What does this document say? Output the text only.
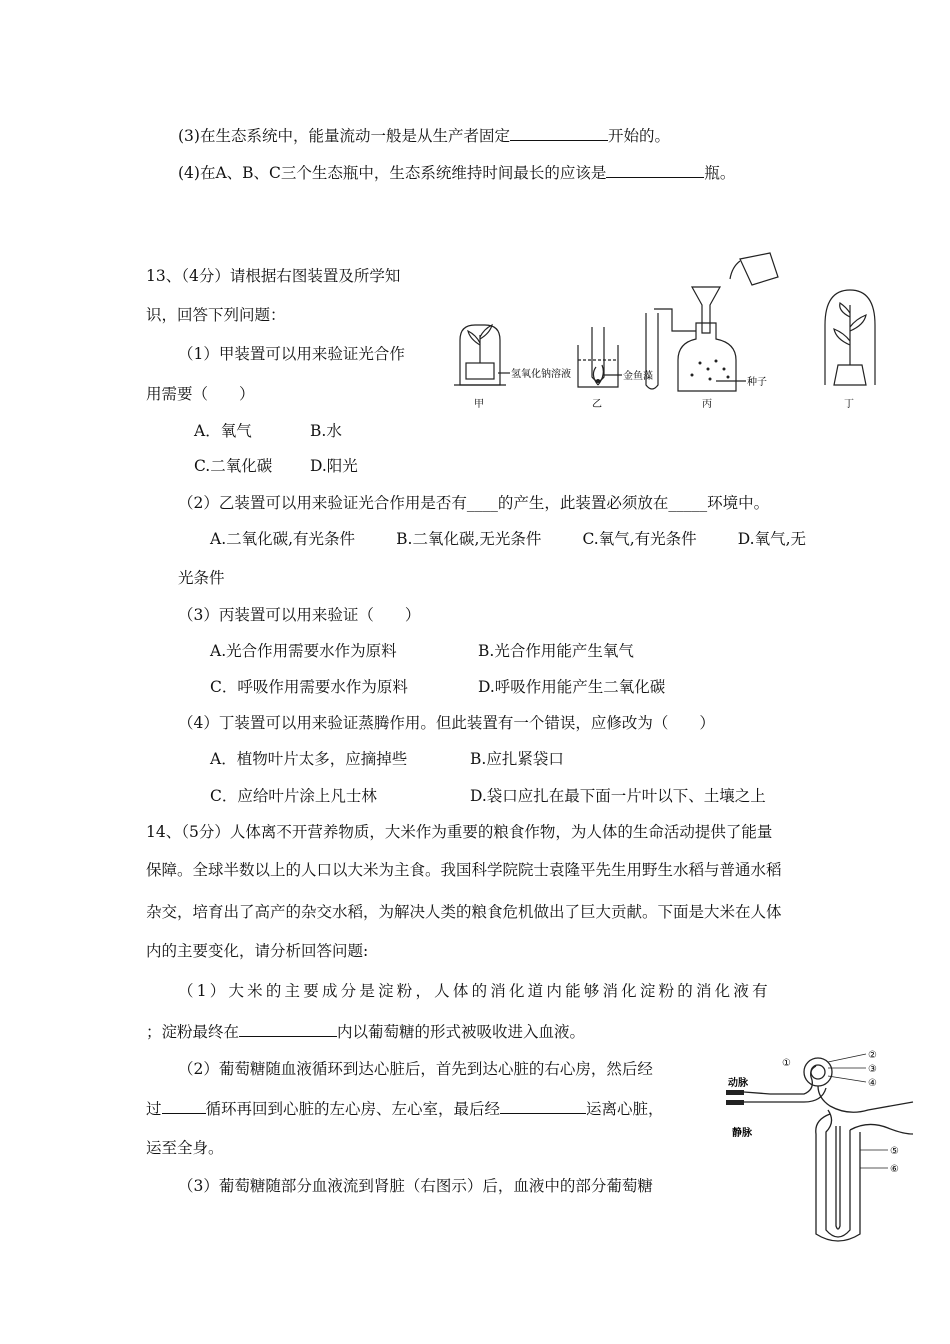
(3)在生态系统中，能量流动一般是从生产者固定	开始的。
(4)在A、B、C三个生态瓶中，生态系统维持时间最长的应该是	瓶。
13、（4分）请根据右图装置及所学知
识，回答下列问题：
（1）甲装置可以用来验证光合作
用需要（　　）
A．氧气	B.水
C.二氧化碳 D.阳光
（2）乙装置可以用来验证光合作用是否有____的产生，此装置必须放在_____环境中。
A.二氧化碳,有光条件	B.二氧化碳,无光条件	C.氧气,有光条件	D.氧气,无
光条件
（3）丙装置可以用来验证（　　）
A.光合作用需要水作为原料	B.光合作用能产生氧气
C．呼吸作用需要水作为原料	D.呼吸作用能产生二氧化碳
（4）丁装置可以用来验证蒸腾作用。但此装置有一个错误，应修改为（　　）
A．植物叶片太多，应摘掉些	B.应扎紧袋口
C．应给叶片涂上凡士林	D.袋口应扎在最下面一片叶以下、土壤之上
氢氧化钠溶液	金鱼藻
种子
甲	乙	丙	丁
14、（5分）人体离不开营养物质，大米作为重要的粮食作物，为人体的生命活动提供了能量
保障。全球半数以上的人口以大米为主食。我国科学院院士袁隆平先生用野生水稻与普通水稻
杂交，培育出了高产的杂交水稻，为解决人类的粮食危机做出了巨大贡献。下面是大米在人体
内的主要变化，请分析回答问题:
（1）大米的主要成分是淀粉，人体的消化道内能够消化淀粉的消化液有
；淀粉最终在	内以葡萄糖的形式被吸收进入血液。
（2）葡萄糖随血液循环到达心脏后，首先到达心脏的右心房，然后经
过	循环再回到心脏的左心房、左心室，最后经	运离心脏，
运至全身。
（3）葡萄糖随部分血液流到肾脏（右图示）后，血液中的部分葡萄糖
动脉
静脉
①
②
③
④
⑤
⑥
